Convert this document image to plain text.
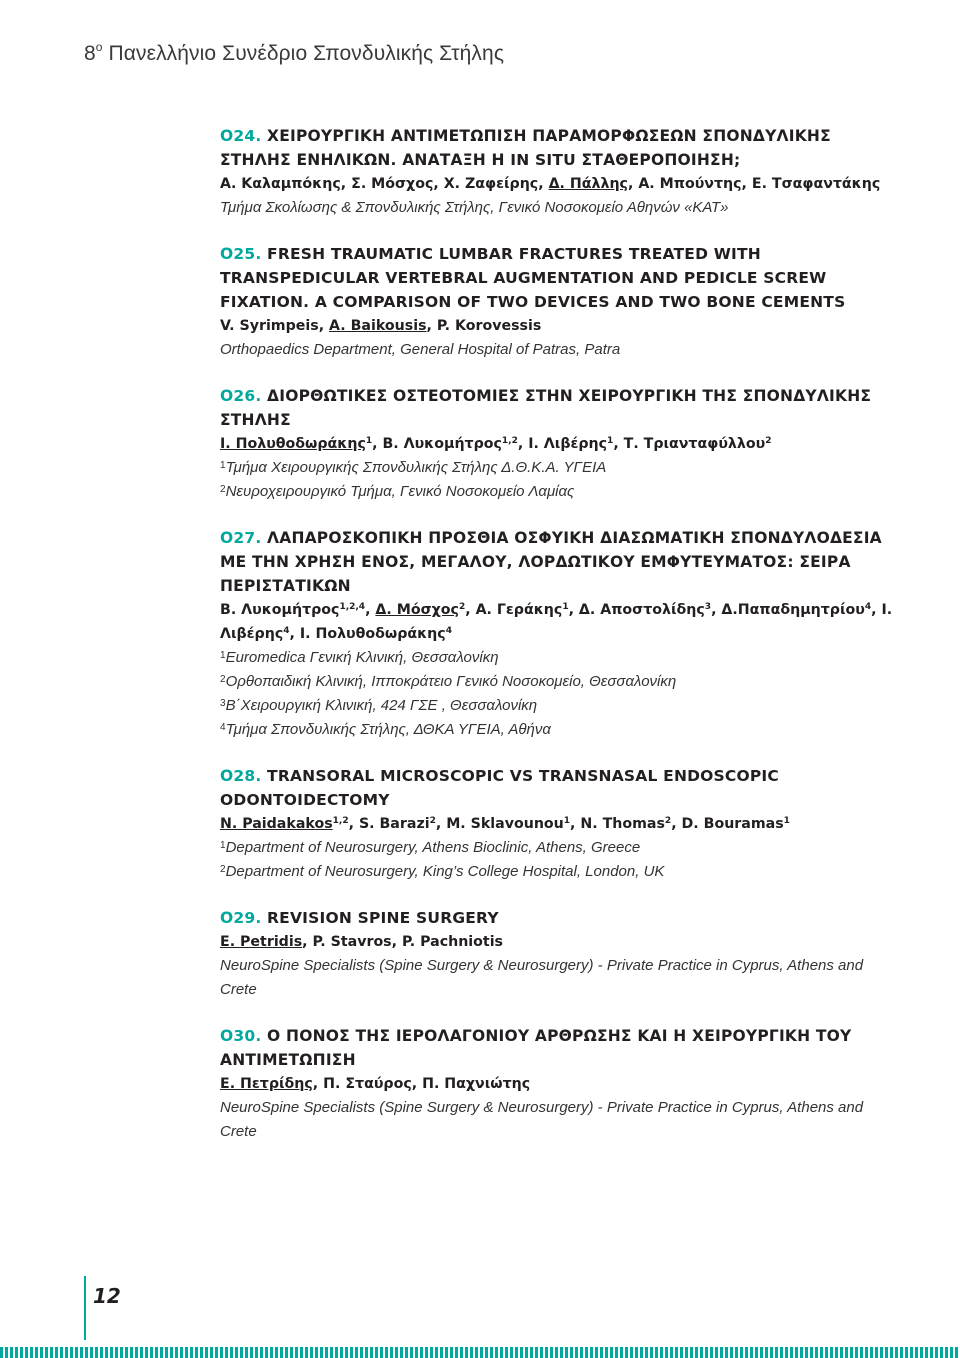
$8^o$ Πανελλήνιο Συνέδριο Σπονδυλικής Στήλης
Ο24. ΧΕΙΡΟΥΡΓΙΚΗ ΑΝΤΙΜΕΤΩΠΙΣΗ ΠΑΡΑΜΟΡΦΩΣΕΩΝ ΣΠΟΝΔΥΛΙΚΗΣ ΣΤΗΛΗΣ ΕΝΗΛΙΚΩΝ. ΑΝΑΤΑΞΗ Η IN SITU ΣΤΑΘΕΡΟΠΟΙΗΣΗ;
Α. Καλαμπόκης, Σ. Μόσχος, Χ. Ζαφείρης, Δ. Πάλλης, Α. Μπούντης, Ε. Τσαφαντάκης
Τμήμα Σκολίωσης & Σπονδυλικής Στήλης, Γενικό Νοσοκομείο Αθηνών «ΚΑΤ»
Ο25. FRESH TRAUMATIC LUMBAR FRACTURES TREATED WITH TRANSPEDICULAR VERTEBRAL AUGMENTATION AND PEDICLE SCREW FIXATION. A COMPARISON OF TWO DEVICES AND TWO BONE CEMENTS
V. Syrimpeis, A. Baikousis, P. Korovessis
Orthopaedics Department, General Hospital of Patras, Patra
Ο26. ΔΙΟΡΘΩΤΙΚΕΣ ΟΣΤΕΟΤΟΜΙΕΣ ΣΤΗΝ ΧΕΙΡΟΥΡΓΙΚΗ ΤΗΣ ΣΠΟΝΔΥΛΙΚΗΣ ΣΤΗΛΗΣ
Ι. Πολυθοδωράκης$^1$, Β. Λυκομήτρος$^{1,2}$, Ι. Λιβέρης$^1$, Τ. Τριανταφύλλου$^2$
$^1$Τμήμα Χειρουργικής Σπονδυλικής Στήλης Δ.Θ.Κ.Α. ΥΓΕΙΑ
$^2$Νευροχειρουργικό Τμήμα, Γενικό Νοσοκομείο Λαμίας
Ο27. ΛΑΠΑΡΟΣΚΟΠΙΚΗ ΠΡΟΣΘΙΑ ΟΣΦΥΙΚΗ ΔΙΑΣΩΜΑΤΙΚΗ ΣΠΟΝΔΥΛΟΔΕΣΙΑ ΜΕ ΤΗΝ ΧΡΗΣΗ ΕΝΟΣ, ΜΕΓΑΛΟΥ, ΛΟΡΔΩΤΙΚΟΥ ΕΜΦΥΤΕΥΜΑΤΟΣ: ΣΕΙΡΑ ΠΕΡΙΣΤΑΤΙΚΩΝ
Β. Λυκομήτρος$^{1,2,4}$, Δ. Μόσχος$^2$, Α. Γεράκης$^1$, Δ. Αποστολίδης$^3$, Δ.Παπαδημητρίου$^4$, Ι. Λιβέρης$^4$, Ι. Πολυθοδωράκης$^4$
$^1$Euromedica Γενική Κλινική, Θεσσαλονίκη
$^2$Ορθοπαιδική Κλινική, Ιπποκράτειο Γενικό Νοσοκομείο, Θεσσαλονίκη
$^3$Β΄Χειρουργική Κλινική, 424 ΓΣΕ , Θεσσαλονίκη
$^4$Τμήμα Σπονδυλικής Στήλης, ΔΘΚΑ ΥΓΕΙΑ, Αθήνα
Ο28. TRANSORAL MICROSCOPIC VS TRANSNASAL ENDOSCOPIC ODONTOIDECTOMY
N. Paidakakos$^{1,2}$, S. Barazi$^2$, M. Sklavounou$^1$, N. Thomas$^2$, D. Bouramas$^1$
$^1$Department of Neurosurgery, Athens Bioclinic, Athens, Greece
$^2$Department of Neurosurgery, King’s College Hospital, London, UK
Ο29. REVISION SPINE SURGERY
E. Petridis, P. Stavros, P. Pachniotis
NeuroSpine Specialists (Spine Surgery & Neurosurgery) - Private Practice in Cyprus, Athens and Crete
Ο30. Ο ΠΟΝΟΣ ΤΗΣ ΙΕΡΟΛΑΓΟΝΙΟΥ ΑΡΘΡΩΣΗΣ ΚΑΙ Η ΧΕΙΡΟΥΡΓΙΚΗ ΤΟΥ ΑΝΤΙΜΕΤΩΠΙΣΗ
Ε. Πετρίδης, Π. Σταύρος, Π. Παχνιώτης
NeuroSpine Specialists (Spine Surgery & Neurosurgery) - Private Practice in Cyprus, Athens and Crete
12
